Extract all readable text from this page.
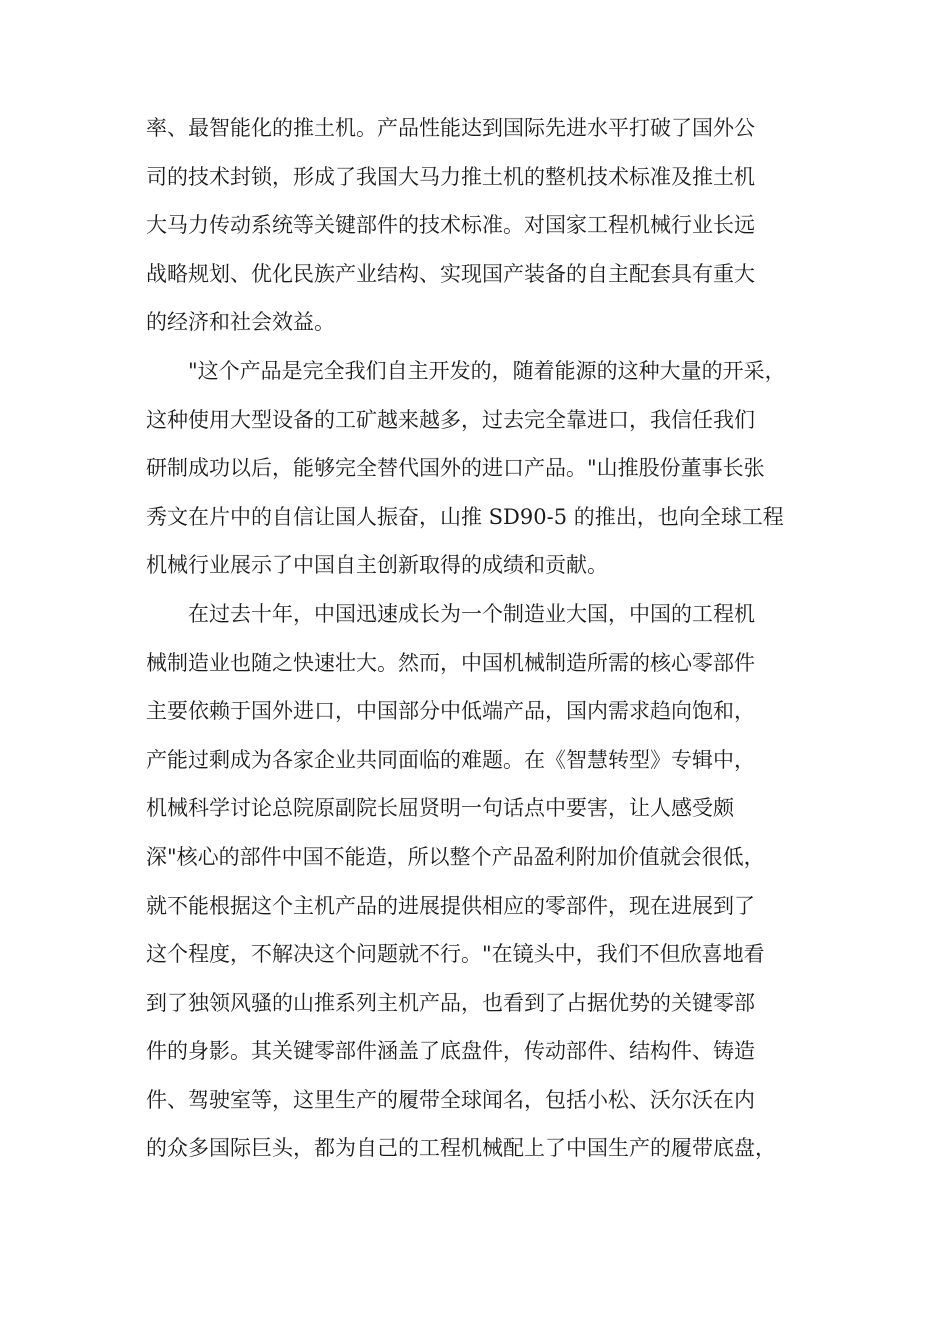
率、最智能化的推土机。产品性能达到国际先进水平打破了国外公
司的技术封锁，形成了我国大马力推土机的整机技术标准及推土机
大马力传动系统等关键部件的技术标准。对国家工程机械行业长远
战略规划、优化民族产业结构、实现国产装备的自主配套具有重大
的经济和社会效益。
"这个产品是完全我们自主开发的，随着能源的这种大量的开采，
这种使用大型设备的工矿越来越多，过去完全靠进口，我信任我们
研制成功以后，能够完全替代国外的进口产品。"山推股份董事长张
秀文在片中的自信让国人振奋，山推 SD90-5 的推出，也向全球工程
机械行业展示了中国自主创新取得的成绩和贡献。
在过去十年，中国迅速成长为一个制造业大国，中国的工程机
械制造业也随之快速壮大。然而，中国机械制造所需的核心零部件
主要依赖于国外进口，中国部分中低端产品，国内需求趋向饱和，
产能过剩成为各家企业共同面临的难题。在《智慧转型》专辑中，
机械科学讨论总院原副院长屈贤明一句话点中要害，让人感受颇
深"核心的部件中国不能造，所以整个产品盈利附加价值就会很低，
就不能根据这个主机产品的进展提供相应的零部件，现在进展到了
这个程度，不解决这个问题就不行。"在镜头中，我们不但欣喜地看
到了独领风骚的山推系列主机产品，也看到了占据优势的关键零部
件的身影。其关键零部件涵盖了底盘件，传动部件、结构件、铸造
件、驾驶室等，这里生产的履带全球闻名，包括小松、沃尔沃在内
的众多国际巨头，都为自己的工程机械配上了中国生产的履带底盘，
